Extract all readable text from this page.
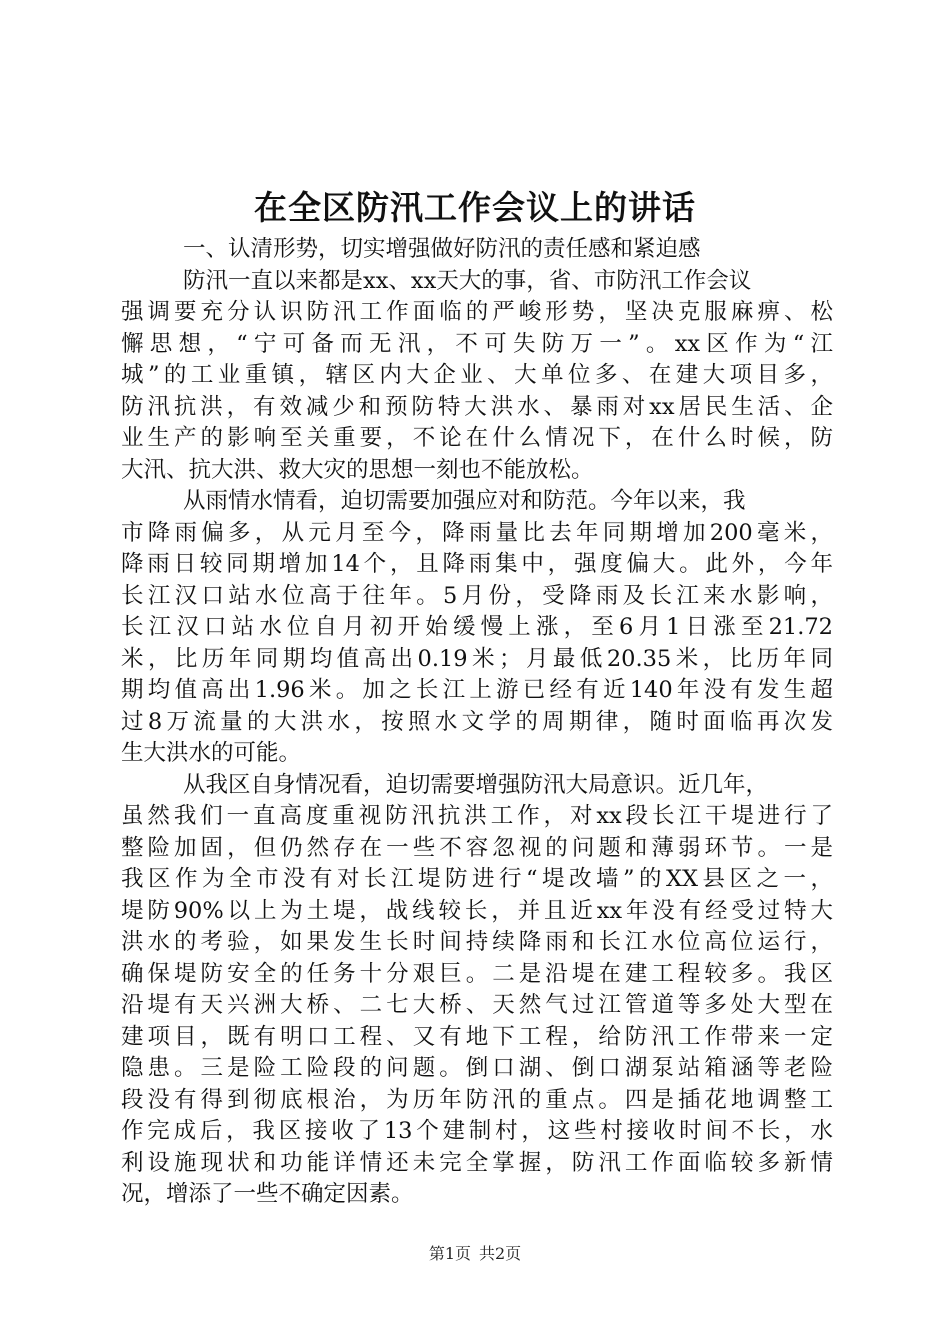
在全区防汛工作会议上的讲话
一、认清形势，切实增强做好防汛的责任感和紧迫感
防汛一直以来都是xx、xx天大的事，省、市防汛工作会议
强调要充分认识防汛工作面临的严峻形势，坚决克服麻痹、松
懈思想，“宁可备而无汛，不可失防万一”。xx区作为“江
城”的工业重镇，辖区内大企业、大单位多、在建大项目多，
防汛抗洪，有效减少和预防特大洪水、暴雨对xx居民生活、企
业生产的影响至关重要，不论在什么情况下，在什么时候，防
大汛、抗大洪、救大灾的思想一刻也不能放松。
从雨情水情看，迫切需要加强应对和防范。今年以来，我
市降雨偏多，从元月至今，降雨量比去年同期增加200毫米，
降雨日较同期增加14个，且降雨集中，强度偏大。此外，今年
长江汉口站水位高于往年。5月份，受降雨及长江来水影响，
长江汉口站水位自月初开始缓慢上涨，至6月1日涨至21.72
米，比历年同期均值高出0.19米；月最低20.35米，比历年同
期均值高出1.96米。加之长江上游已经有近140年没有发生超
过8万流量的大洪水，按照水文学的周期律，随时面临再次发
生大洪水的可能。
从我区自身情况看，迫切需要增强防汛大局意识。近几年，
虽然我们一直高度重视防汛抗洪工作，对xx段长江干堤进行了
整险加固，但仍然存在一些不容忽视的问题和薄弱环节。一是
我区作为全市没有对长江堤防进行“堤改墙”的XX县区之一，
堤防90%以上为土堤，战线较长，并且近xx年没有经受过特大
洪水的考验，如果发生长时间持续降雨和长江水位高位运行，
确保堤防安全的任务十分艰巨。二是沿堤在建工程较多。我区
沿堤有天兴洲大桥、二七大桥、天然气过江管道等多处大型在
建项目，既有明口工程、又有地下工程，给防汛工作带来一定
隐患。三是险工险段的问题。倒口湖、倒口湖泵站箱涵等老险
段没有得到彻底根治，为历年防汛的重点。四是插花地调整工
作完成后，我区接收了13个建制村，这些村接收时间不长，水
利设施现状和功能详情还未完全掌握，防汛工作面临较多新情
况，增添了一些不确定因素。
第1页 共2页
